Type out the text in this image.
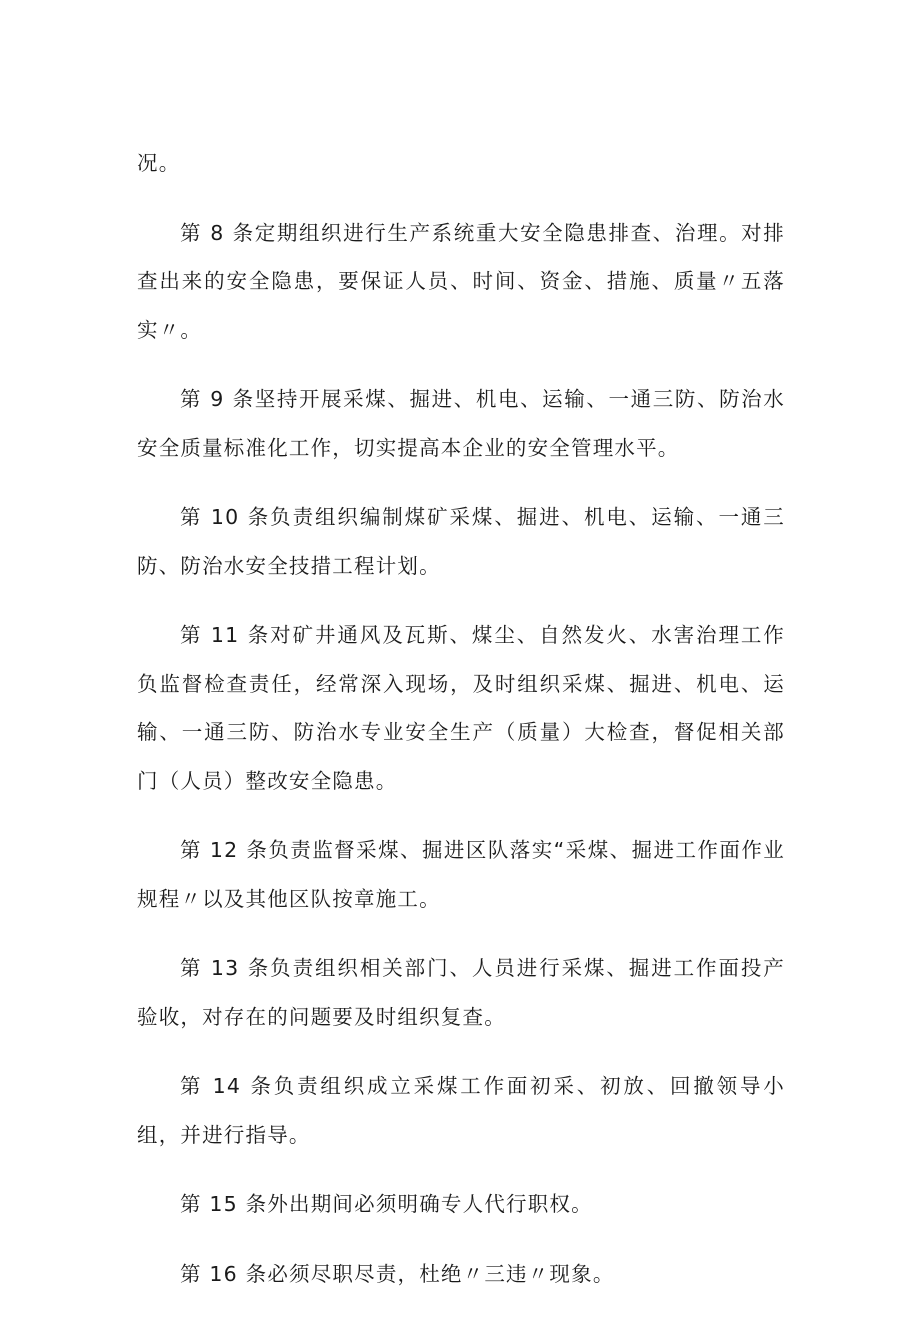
况。

第 8 条定期组织进行生产系统重大安全隐患排查、治理。对排查出来的安全隐患，要保证人员、时间、资金、措施、质量〃五落实〃。

第 9 条坚持开展采煤、掘进、机电、运输、一通三防、防治水安全质量标准化工作，切实提高本企业的安全管理水平。

第 10 条负责组织编制煤矿采煤、掘进、机电、运输、一通三防、防治水安全技措工程计划。

第 11 条对矿井通风及瓦斯、煤尘、自然发火、水害治理工作负监督检查责任，经常深入现场，及时组织采煤、掘进、机电、运输、一通三防、防治水专业安全生产（质量）大检查，督促相关部门（人员）整改安全隐患。

第 12 条负责监督采煤、掘进区队落实“采煤、掘进工作面作业规程〃以及其他区队按章施工。

第 13 条负责组织相关部门、人员进行采煤、掘进工作面投产验收，对存在的问题要及时组织复查。

第 14 条负责组织成立采煤工作面初采、初放、回撤领导小组，并进行指导。

第 15 条外出期间必须明确专人代行职权。

第 16 条必须尽职尽责，杜绝〃三违〃现象。
